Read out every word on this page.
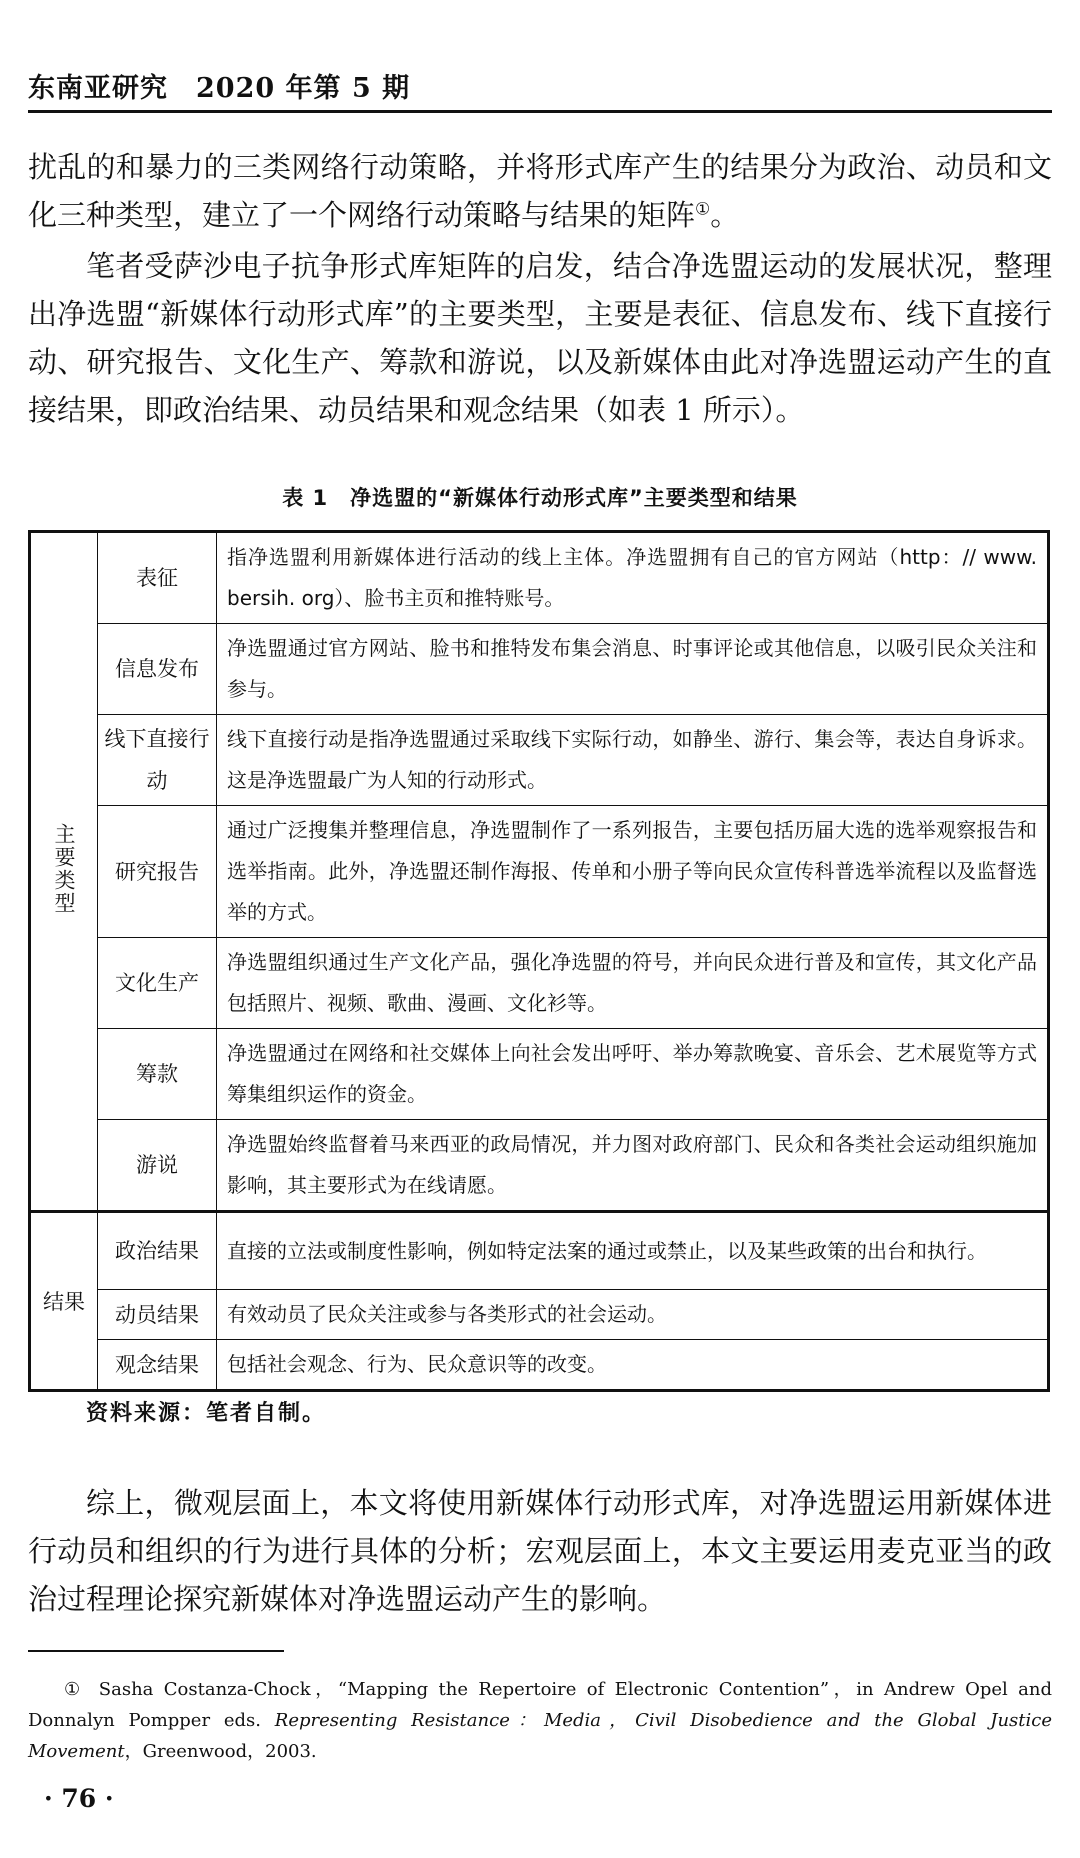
东南亚研究　2020 年第 5 期
扰乱的和暴力的三类网络行动策略，并将形式库产生的结果分为政治、动员和文化三种类型，建立了一个网络行动策略与结果的矩阵①。
笔者受萨沙电子抗争形式库矩阵的启发，结合净选盟运动的发展状况，整理出净选盟“新媒体行动形式库”的主要类型，主要是表征、信息发布、线下直接行动、研究报告、文化生产、筹款和游说，以及新媒体由此对净选盟运动产生的直接结果，即政治结果、动员结果和观念结果（如表 1 所示）。
表 1　净选盟的“新媒体行动形式库”主要类型和结果
主要类型	表征	指净选盟利用新媒体进行活动的线上主体。净选盟拥有自己的官方网站（http：// www. bersih. org）、脸书主页和推特账号。
	信息发布	净选盟通过官方网站、脸书和推特发布集会消息、时事评论或其他信息，以吸引民众关注和参与。
	线下直接行动	线下直接行动是指净选盟通过采取线下实际行动，如静坐、游行、集会等，表达自身诉求。这是净选盟最广为人知的行动形式。
	研究报告	通过广泛搜集并整理信息，净选盟制作了一系列报告，主要包括历届大选的选举观察报告和选举指南。此外，净选盟还制作海报、传单和小册子等向民众宣传科普选举流程以及监督选举的方式。
	文化生产	净选盟组织通过生产文化产品，强化净选盟的符号，并向民众进行普及和宣传，其文化产品包括照片、视频、歌曲、漫画、文化衫等。
	筹款	净选盟通过在网络和社交媒体上向社会发出呼吁、举办筹款晚宴、音乐会、艺术展览等方式筹集组织运作的资金。
	游说	净选盟始终监督着马来西亚的政局情况，并力图对政府部门、民众和各类社会运动组织施加影响，其主要形式为在线请愿。
结果	政治结果	直接的立法或制度性影响，例如特定法案的通过或禁止，以及某些政策的出台和执行。
	动员结果	有效动员了民众关注或参与各类形式的社会运动。
	观念结果	包括社会观念、行为、民众意识等的改变。
资料来源：笔者自制。
综上，微观层面上，本文将使用新媒体行动形式库，对净选盟运用新媒体进行动员和组织的行为进行具体的分析；宏观层面上，本文主要运用麦克亚当的政治过程理论探究新媒体对净选盟运动产生的影响。
① Sasha Costanza-Chock，“Mapping the Repertoire of Electronic Contention”，in Andrew Opel and Donnalyn Pompper eds. Representing Resistance：Media，Civil Disobedience and the Global Justice Movement，Greenwood，2003.
· 76 ·
